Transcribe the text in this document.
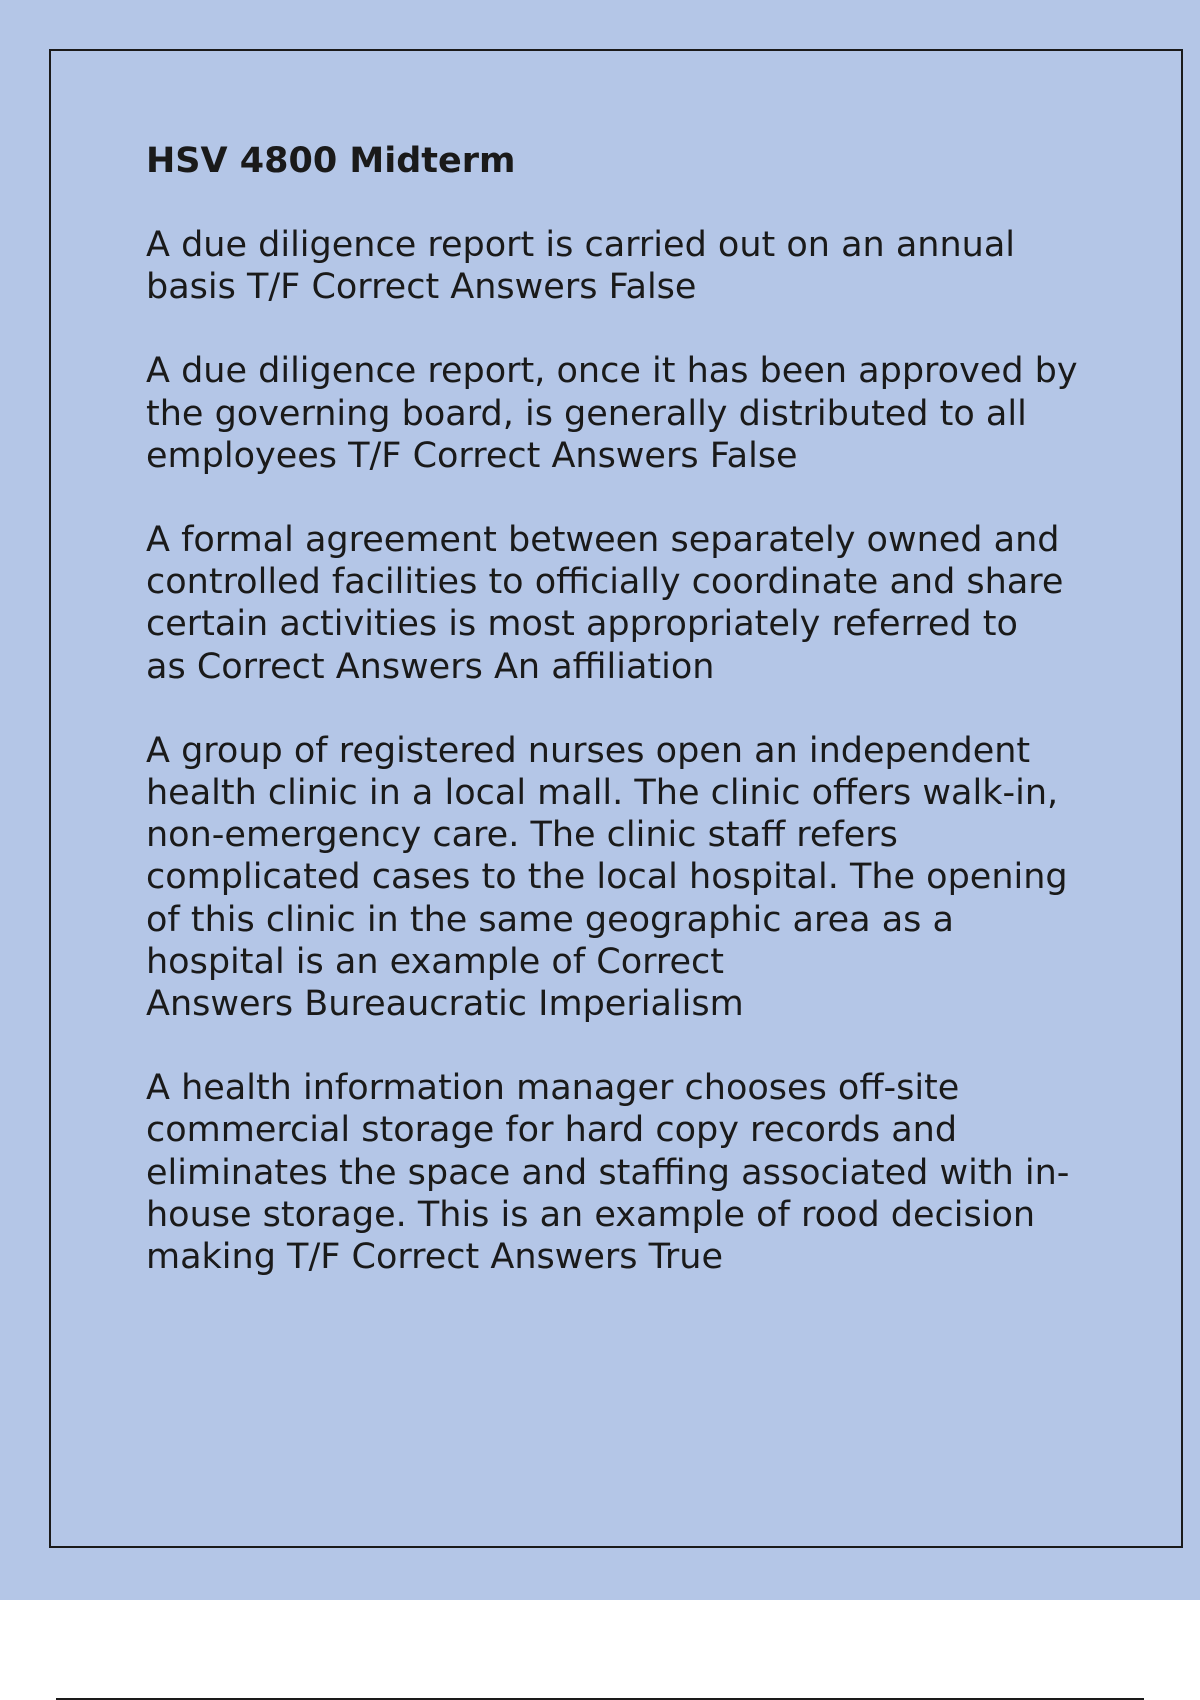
HSV 4800 Midterm
A due diligence report is carried out on an annual basis T/F Correct Answers False
A due diligence report, once it has been approved by the governing board, is generally distributed to all employees T/F Correct Answers False
A formal agreement between separately owned and controlled facilities to officially coordinate and share certain activities is most appropriately referred to as Correct Answers An affiliation
A group of registered nurses open an independent health clinic in a local mall. The clinic offers walk-in, non-emergency care. The clinic staff refers complicated cases to the local hospital. The opening of this clinic in the same geographic area as a hospital is an example of Correct Answers Bureaucratic Imperialism
A health information manager chooses off-site commercial storage for hard copy records and eliminates the space and staffing associated with in-house storage. This is an example of rood decision making T/F Correct Answers True
